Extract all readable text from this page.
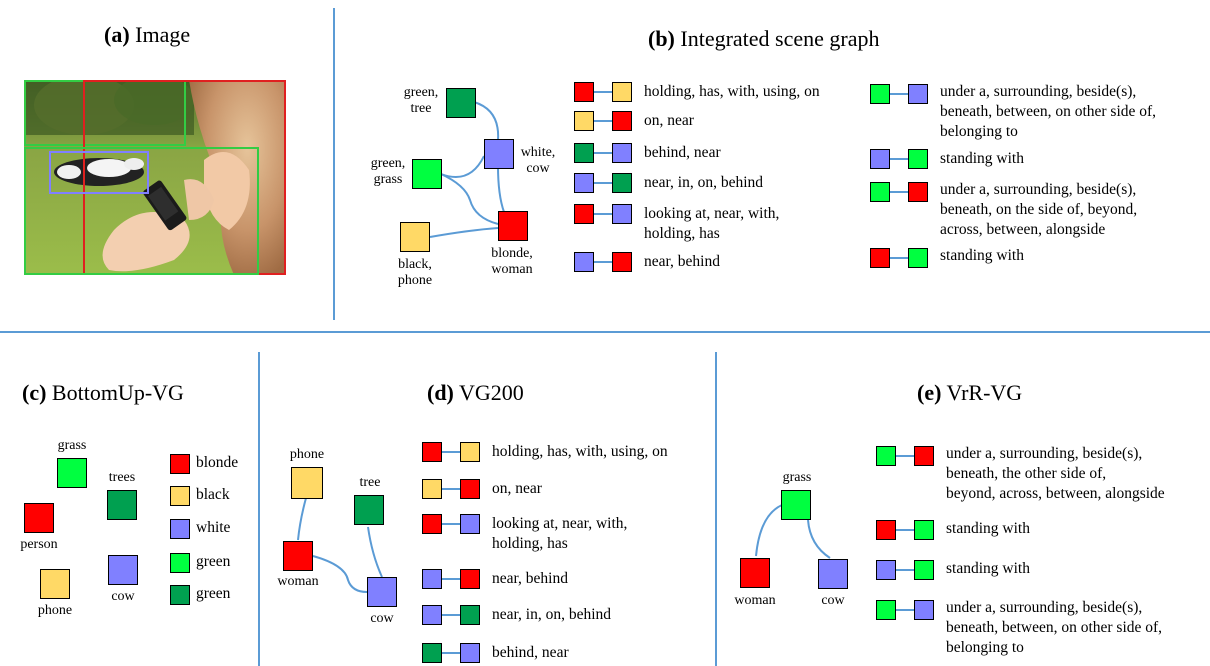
(a) Image	(b) Integrated scene graph
green,
tree
white,
cow
green,
grass
blonde,
woman
black,
phone
holding, has, with, using, on
on, near
behind, near
near, in, on, behind
looking at, near, with,
holding, has
near, behind
under a, surrounding, beside(s),
beneath, between, on other side of,
belonging to
standing with
under a, surrounding, beside(s),
beneath, on the side of, beyond,
across, between, alongside
standing with
(c) BottomUp-VG
grass
trees
person
phone
cow
blonde
black
white
green
green
(d) VG200
phone
tree
woman
cow
holding, has, with, using, on
on, near
looking at, near, with,
holding, has
near, behind
near, in, on, behind
behind, near
(e) VrR-VG
grass
woman	cow
under a, surrounding, beside(s),
beneath, the other side of,
beyond, across, between, alongside
standing with
standing with
under a, surrounding, beside(s),
beneath, between, on other side of,
belonging to
